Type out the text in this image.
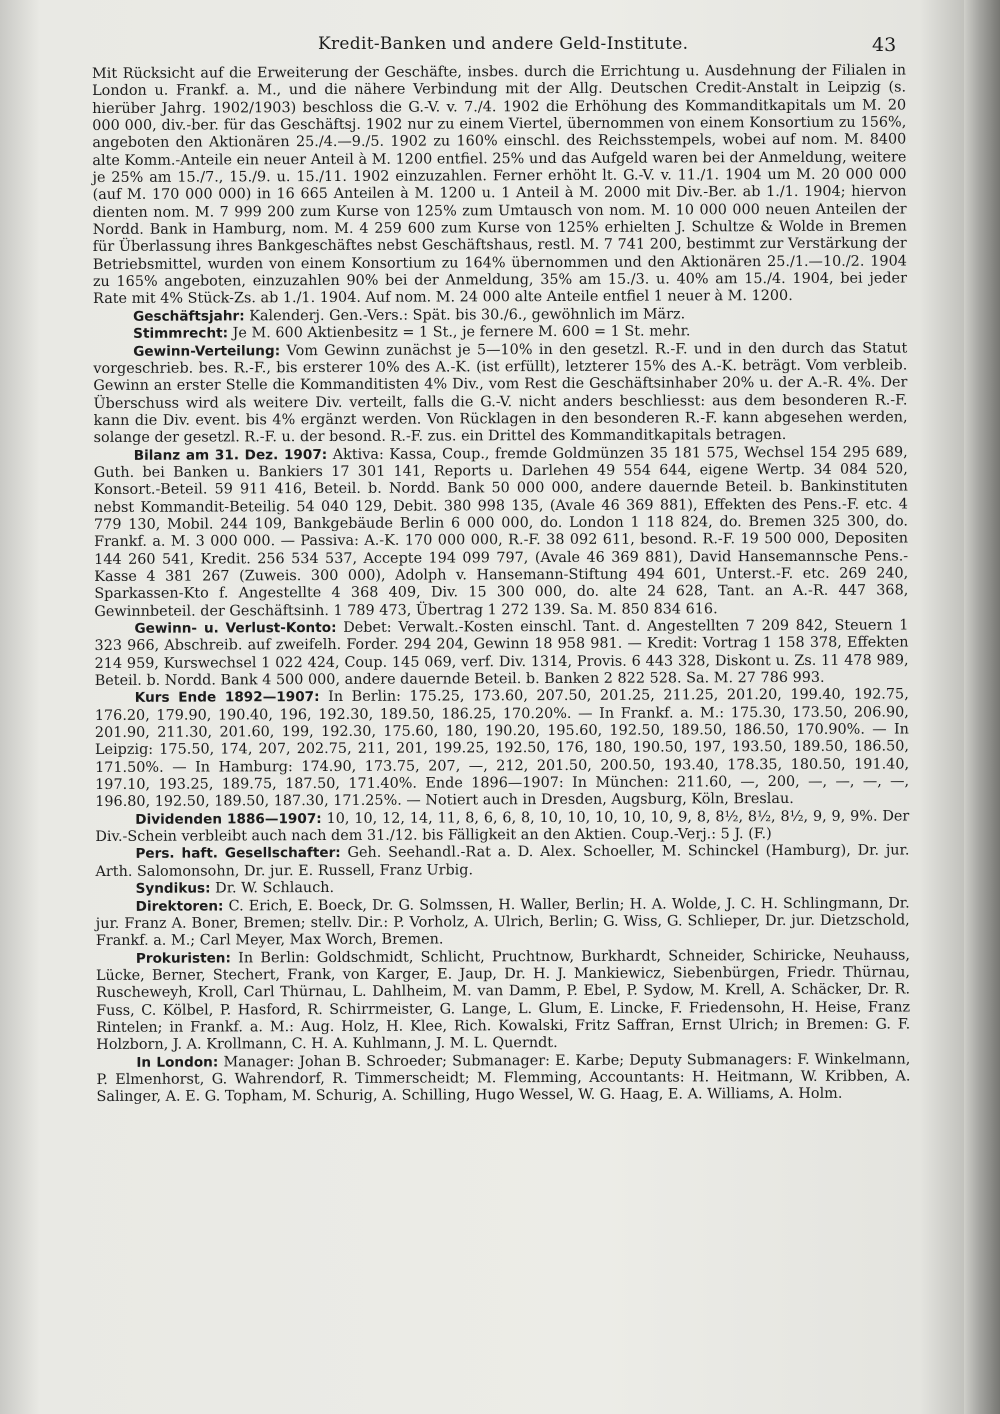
Kredit-Banken und andere Geld-Institute.	43

Mit Rücksicht auf die Erweiterung der Geschäfte, insbes. durch die Errichtung u. Ausdehnung der Filialen in London u. Frankf. a. M., und die nähere Verbindung mit der Allg. Deutschen Credit-Anstalt in Leipzig (s. hierüber Jahrg. 1902/1903) beschloss die G.-V. v. 7./4. 1902 die Erhöhung des Kommanditkapitals um M. 20 000 000, div.-ber. für das Geschäftsj. 1902 nur zu einem Viertel, übernommen von einem Konsortium zu 156%, angeboten den Aktionären 25./4.—9./5. 1902 zu 160% einschl. des Reichsstempels, wobei auf nom. M. 8400 alte Komm.-Anteile ein neuer Anteil à M. 1200 entfiel. 25% und das Aufgeld waren bei der Anmeldung, weitere je 25% am 15./7., 15./9. u. 15./11. 1902 einzuzahlen. Ferner erhöht lt. G.-V. v. 11./1. 1904 um M. 20 000 000 (auf M. 170 000 000) in 16 665 Anteilen à M. 1200 u. 1 Anteil à M. 2000 mit Div.-Ber. ab 1./1. 1904; hiervon dienten nom. M. 7 999 200 zum Kurse von 125% zum Umtausch von nom. M. 10 000 000 neuen Anteilen der Nordd. Bank in Hamburg, nom. M. 4 259 600 zum Kurse von 125% erhielten J. Schultze & Wolde in Bremen für Überlassung ihres Bankgeschäftes nebst Geschäftshaus, restl. M. 7 741 200, bestimmt zur Verstärkung der Betriebsmittel, wurden von einem Konsortium zu 164% übernommen und den Aktionären 25./1.—10./2. 1904 zu 165% angeboten, einzuzahlen 90% bei der Anmeldung, 35% am 15./3. u. 40% am 15./4. 1904, bei jeder Rate mit 4% Stück-Zs. ab 1./1. 1904. Auf nom. M. 24 000 alte Anteile entfiel 1 neuer à M. 1200.

Geschäftsjahr: Kalenderj. Gen.-Vers.: Spät. bis 30./6., gewöhnlich im März.

Stimmrecht: Je M. 600 Aktienbesitz = 1 St., je fernere M. 600 = 1 St. mehr.

Gewinn-Verteilung: Vom Gewinn zunächst je 5—10% in den gesetzl. R.-F. und in den durch das Statut vorgeschrieb. bes. R.-F., bis ersterer 10% des A.-K. (ist erfüllt), letzterer 15% des A.-K. beträgt. Vom verbleib. Gewinn an erster Stelle die Kommanditisten 4% Div., vom Rest die Geschäftsinhaber 20% u. der A.-R. 4%. Der Überschuss wird als weitere Div. verteilt, falls die G.-V. nicht anders beschliesst: aus dem besonderen R.-F. kann die Div. event. bis 4% ergänzt werden. Von Rücklagen in den besonderen R.-F. kann abgesehen werden, solange der gesetzl. R.-F. u. der besond. R.-F. zus. ein Drittel des Kommanditkapitals betragen.

Bilanz am 31. Dez. 1907: Aktiva: Kassa, Coup., fremde Goldmünzen 35 181 575, Wechsel 154 295 689, Guth. bei Banken u. Bankiers 17 301 141, Reports u. Darlehen 49 554 644, eigene Wertp. 34 084 520, Konsort.-Beteil. 59 911 416, Beteil. b. Nordd. Bank 50 000 000, andere dauernde Beteil. b. Bankinstituten nebst Kommandit-Beteilig. 54 040 129, Debit. 380 998 135, (Avale 46 369 881), Effekten des Pens.-F. etc. 4 779 130, Mobil. 244 109, Bankgebäude Berlin 6 000 000, do. London 1 118 824, do. Bremen 325 300, do. Frankf. a. M. 3 000 000. — Passiva: A.-K. 170 000 000, R.-F. 38 092 611, besond. R.-F. 19 500 000, Depositen 144 260 541, Kredit. 256 534 537, Accepte 194 099 797, (Avale 46 369 881), David Hansemannsche Pens.-Kasse 4 381 267 (Zuweis. 300 000), Adolph v. Hansemann-Stiftung 494 601, Unterst.-F. etc. 269 240, Sparkassen-Kto f. Angestellte 4 368 409, Div. 15 300 000, do. alte 24 628, Tant. an A.-R. 447 368, Gewinnbeteil. der Geschäftsinh. 1 789 473, Übertrag 1 272 139. Sa. M. 850 834 616.

Gewinn- u. Verlust-Konto: Debet: Verwalt.-Kosten einschl. Tant. d. Angestellten 7 209 842, Steuern 1 323 966, Abschreib. auf zweifelh. Forder. 294 204, Gewinn 18 958 981. — Kredit: Vortrag 1 158 378, Effekten 214 959, Kurswechsel 1 022 424, Coup. 145 069, verf. Div. 1314, Provis. 6 443 328, Diskont u. Zs. 11 478 989, Beteil. b. Nordd. Bank 4 500 000, andere dauernde Beteil. b. Banken 2 822 528. Sa. M. 27 786 993.

Kurs Ende 1892—1907: In Berlin: 175.25, 173.60, 207.50, 201.25, 211.25, 201.20, 199.40, 192.75, 176.20, 179.90, 190.40, 196, 192.30, 189.50, 186.25, 170.20%. — In Frankf. a. M.: 175.30, 173.50, 206.90, 201.90, 211.30, 201.60, 199, 192.30, 175.60, 180, 190.20, 195.60, 192.50, 189.50, 186.50, 170.90%. — In Leipzig: 175.50, 174, 207, 202.75, 211, 201, 199.25, 192.50, 176, 180, 190.50, 197, 193.50, 189.50, 186.50, 171.50%. — In Hamburg: 174.90, 173.75, 207, —, 212, 201.50, 200.50, 193.40, 178.35, 180.50, 191.40, 197.10, 193.25, 189.75, 187.50, 171.40%. Ende 1896—1907: In München: 211.60, —, 200, —, —, —, —, 196.80, 192.50, 189.50, 187.30, 171.25%. — Notiert auch in Dresden, Augsburg, Köln, Breslau.

Dividenden 1886—1907: 10, 10, 12, 14, 11, 8, 6, 6, 8, 10, 10, 10, 10, 10, 9, 8, 8½, 8½, 8½, 9, 9, 9%. Der Div.-Schein verbleibt auch nach dem 31./12. bis Fälligkeit an den Aktien. Coup.-Verj.: 5 J. (F.)

Pers. haft. Gesellschafter: Geh. Seehandl.-Rat a. D. Alex. Schoeller, M. Schinckel (Hamburg), Dr. jur. Arth. Salomonsohn, Dr. jur. E. Russell, Franz Urbig.

Syndikus: Dr. W. Schlauch.

Direktoren: C. Erich, E. Boeck, Dr. G. Solmssen, H. Waller, Berlin; H. A. Wolde, J. C. H. Schlingmann, Dr. jur. Franz A. Boner, Bremen; stellv. Dir.: P. Vorholz, A. Ulrich, Berlin; G. Wiss, G. Schlieper, Dr. jur. Dietzschold, Frankf. a. M.; Carl Meyer, Max Worch, Bremen.

Prokuristen: In Berlin: Goldschmidt, Schlicht, Pruchtnow, Burkhardt, Schneider, Schiricke, Neuhauss, Lücke, Berner, Stechert, Frank, von Karger, E. Jaup, Dr. H. J. Mankiewicz, Siebenbürgen, Friedr. Thürnau, Ruscheweyh, Kroll, Carl Thürnau, L. Dahlheim, M. van Damm, P. Ebel, P. Sydow, M. Krell, A. Schäcker, Dr. R. Fuss, C. Kölbel, P. Hasford, R. Schirrmeister, G. Lange, L. Glum, E. Lincke, F. Friedensohn, H. Heise, Franz Rintelen; in Frankf. a. M.: Aug. Holz, H. Klee, Rich. Kowalski, Fritz Saffran, Ernst Ulrich; in Bremen: G. F. Holzborn, J. A. Krollmann, C. H. A. Kuhlmann, J. M. L. Querndt.

In London: Manager: Johan B. Schroeder; Submanager: E. Karbe; Deputy Submanagers: F. Winkelmann, P. Elmenhorst, G. Wahrendorf, R. Timmerscheidt; M. Flemming, Accountants: H. Heitmann, W. Kribben, A. Salinger, A. E. G. Topham, M. Schurig, A. Schilling, Hugo Wessel, W. G. Haag, E. A. Williams, A. Holm.
